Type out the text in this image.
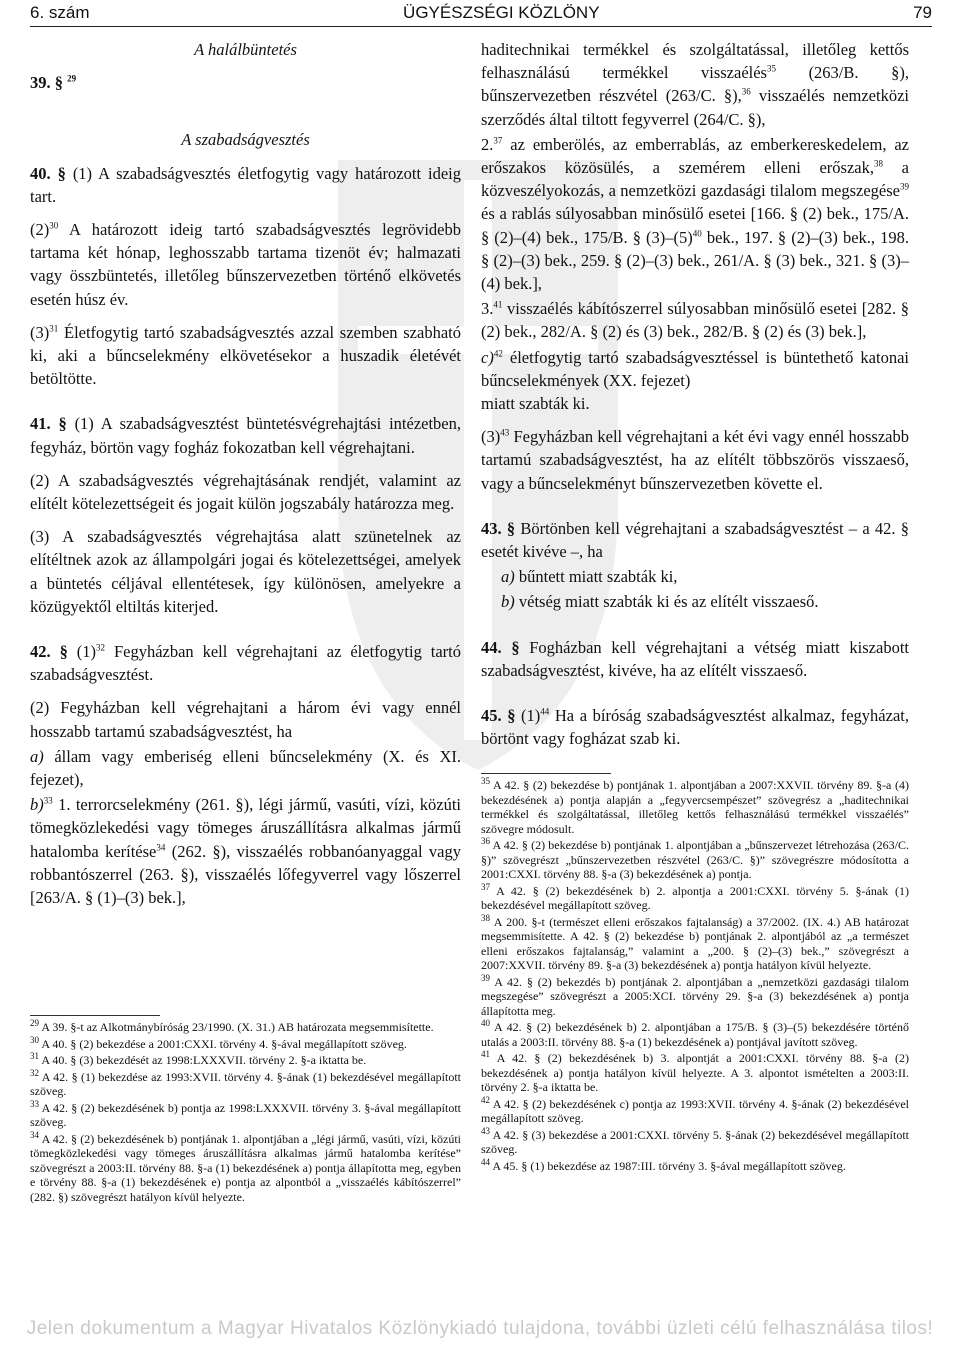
6. szám	ÜGYÉSZSÉGI KÖZLÖNY	79

A halálbüntetés

39. § $^{29}$

A szabadságvesztés

40. § (1) A szabadságvesztés életfogytig vagy határozott ideig tart.

$(2)^{30}$ A határozott ideig tartó szabadságvesztés legrövidebb tartama két hónap, leghosszabb tartama tizenöt év; halmazati vagy összbüntetés, illetőleg bűnszervezetben történő elkövetés esetén húsz év.

$(3)^{31}$ Életfogytig tartó szabadságvesztés azzal szemben szabható ki, aki a bűncselekmény elkövetésekor a huszadik életévét betöltötte.

41. § (1) A szabadságvesztést büntetésvégrehajtási intézetben, fegyház, börtön vagy fogház fokozatban kell végrehajtani.

(2) A szabadságvesztés végrehajtásának rendjét, valamint az elítélt kötelezettségeit és jogait külön jogszabály határozza meg.

(3) A szabadságvesztés végrehajtása alatt szünetelnek az elítéltnek azok az állampolgári jogai és kötelezettségei, amelyek a büntetés céljával ellentétesek, így különösen, amelyekre a közügyektől eltiltás kiterjed.

42. § $(1)^{32}$ Fegyházban kell végrehajtani az életfogytig tartó szabadságvesztést.

(2) Fegyházban kell végrehajtani a három évi vagy ennél hosszabb tartamú szabadságvesztést, ha

a) állam vagy emberiség elleni bűncselekmény (X. és XI. fejezet),

b)$^{33}$ 1. terrorcselekmény (261. §), légi jármű, vasúti, vízi, közúti tömegközlekedési vagy tömeges áruszállításra alkalmas jármű hatalomba kerítése$^{34}$ (262. §), visszaélés robbanóanyaggal vagy robbantószerrel (263. §), visszaélés lőfegyverrel vagy lőszerrel [263/A. § (1)–(3) bek.],

haditechnikai termékkel és szolgáltatással, illetőleg kettős felhasználású termékkel visszaélés$^{35}$ (263/B. §), bűnszervezetben részvétel (263/C. §),$^{36}$ visszaélés nemzetközi szerződés által tiltott fegyverrel (264/C. §),

2.37 az emberölés, az emberrablás, az emberkereskedelem, az erőszakos közösülés, a szemérem elleni erőszak,$^{38}$ a közveszélyokozás, a nemzetközi gazdasági tilalom megszegése$^{39}$ és a rablás súlyosabban minősülő esetei [166. § (2) bek., 175/A. § (2)–(4) bek., 175/B. § $(3)-(5)^{40}$ bek., 197. § (2)–(3) bek., 198. § (2)–(3) bek., 259. § (2)–(3) bek., 261/A. § (3) bek., 321. § (3)–(4) bek.],

3.41 visszaélés kábítószerrel súlyosabban minősülő esetei [282. § (2) bek., 282/A. § (2) és (3) bek., 282/B. § (2) és (3) bek.],

c)$^{42}$ életfogytig tartó szabadságvesztéssel is büntethető katonai bűncselekmények (XX. fejezet)

miatt szabták ki.

$(3)^{43}$ Fegyházban kell végrehajtani a két évi vagy ennél hosszabb tartamú szabadságvesztést, ha az elítélt többszörös visszaeső, vagy a bűncselekményt bűnszervezetben követte el.

43. § Börtönben kell végrehajtani a szabadságvesztést – a 42. § esetét kivéve –, ha

a) bűntett miatt szabták ki,

b) vétség miatt szabták ki és az elítélt visszaeső.

44. § Fogházban kell végrehajtani a vétség miatt kiszabott szabadságvesztést, kivéve, ha az elítélt visszaeső.

45. § $(1)^{44}$ Ha a bíróság szabadságvesztést alkalmaz, fegyházat, börtönt vagy fogházat szab ki.

$^{29}$ A 39. §-t az Alkotmánybíróság 23/1990. (X. 31.) AB határozata megsemmisítette.

$^{30}$ A 40. § (2) bekezdése a 2001:CXXI. törvény 4. §-ával megállapított szöveg.

$^{31}$ A 40. § (3) bekezdését az 1998:LXXXVII. törvény 2. §-a iktatta be.

$^{32}$ A 42. § (1) bekezdése az 1993:XVII. törvény 4. §-ának (1) bekezdésével megállapított szöveg.

$^{33}$ A 42. § (2) bekezdésének b) pontja az 1998:LXXXVII. törvény 3. §-ával megállapított szöveg.

$^{34}$ A 42. § (2) bekezdésének b) pontjának 1. alpontjában a „légi jármű, vasúti, vízi, közúti tömegközlekedési vagy tömeges áruszállításra alkalmas jármű hatalomba kerítése” szövegrészt a 2003:II. törvény 88. §-a (1) bekezdésének a) pontja állapította meg, egyben e törvény 88. §-a (1) bekezdésének e) pontja az alpontból a „visszaélés kábítószerrel” (282. §) szövegrészt hatályon kívül helyezte.

$^{35}$ A 42. § (2) bekezdése b) pontjának 1. alpontjában a 2007:XXVII. törvény 89. §-a (4) bekezdésének a) pontja alapján a „fegyvercsempészet” szövegrész a „haditechnikai termékkel és szolgáltatással, illetőleg kettős felhasználású termékkel visszaélés” szövegre módosult.

$^{36}$ A 42. § (2) bekezdése b) pontjának 1. alpontjában a „bűnszervezet létrehozása (263/C. §)” szövegrészt „bűnszervezetben részvétel (263/C. §)” szövegrészre módosította a 2001:CXXI. törvény 88. §-a (3) bekezdésének a) pontja.

$^{37}$ A 42. § (2) bekezdésének b) 2. alpontja a 2001:CXXI. törvény 5. §-ának (1) bekezdésével megállapított szöveg.

$^{38}$ A 200. §-t (természet elleni erőszakos fajtalanság) a 37/2002. (IX. 4.) AB határozat megsemmisítette. A 42. § (2) bekezdése b) pontjának 2. alpontjából az „a természet elleni erőszakos fajtalanság,” valamint a „200. § (2)–(3) bek.,” szövegrészt a 2007:XXVII. törvény 89. §-a (3) bekezdésének a) pontja hatályon kívül helyezte.

$^{39}$ A 42. § (2) bekezdés b) pontjának 2. alpontjában a „nemzetközi gazdasági tilalom megszegése” szövegrészt a 2005:XCI. törvény 29. §-a (3) bekezdésének a) pontja állapította meg.

$^{40}$ A 42. § (2) bekezdésének b) 2. alpontjában a 175/B. § (3)–(5) bekezdésére történő utalás a 2003:II. törvény 88. §-a (1) bekezdésének a) pontjával javított szöveg.

$^{41}$ A 42. § (2) bekezdésének b) 3. alpontját a 2001:CXXI. törvény 88. §-a (2) bekezdésének a) pontja hatályon kívül helyezte. A 3. alpontot ismételten a 2003:II. törvény 2. §-a iktatta be.

$^{42}$ A 42. § (2) bekezdésének c) pontja az 1993:XVII. törvény 4. §-ának (2) bekezdésével megállapított szöveg.

$^{43}$ A 42. § (3) bekezdése a 2001:CXXI. törvény 5. §-ának (2) bekezdésével megállapított szöveg.

$^{44}$ A 45. § (1) bekezdése az 1987:III. törvény 3. §-ával megállapított szöveg.

Jelen dokumentum a Magyar Hivatalos Közlönykiadó tulajdona, további üzleti célú felhasználása tilos!
